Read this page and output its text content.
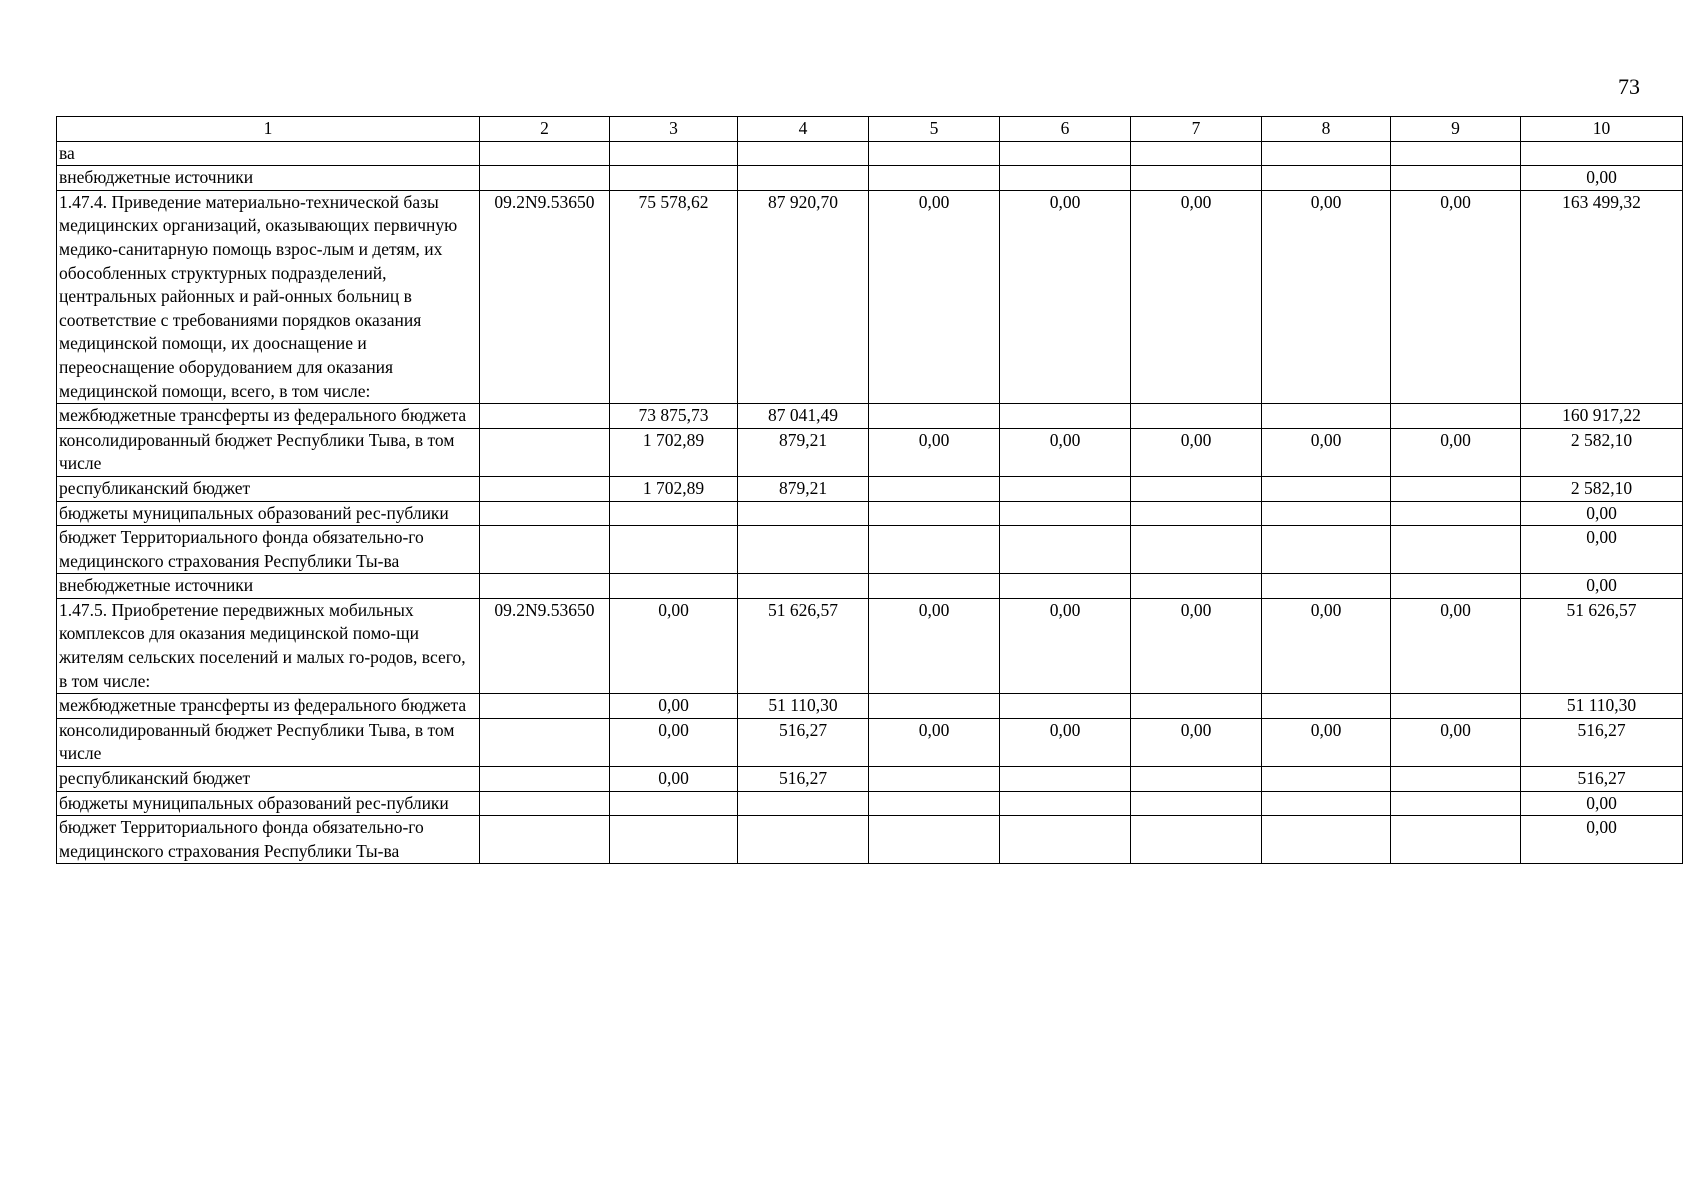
73
1	2	3	4	5	6	7	8	9	10
ва									
внебюджетные источники									0,00
1.47.4. Приведение материально-технической базы медицинских организаций, оказывающих первичную медико-санитарную помощь взрос-лым и детям, их обособленных структурных подразделений, центральных районных и рай-онных больниц в соответствие с требованиями порядков оказания медицинской помощи, их дооснащение и переоснащение оборудованием для оказания медицинской помощи, всего, в том числе:	09.2N9.53650	75 578,62	87 920,70	0,00	0,00	0,00	0,00	0,00	163 499,32
межбюджетные трансферты из федерального бюджета		73 875,73	87 041,49						160 917,22
консолидированный бюджет Республики Тыва, в том числе		1 702,89	879,21	0,00	0,00	0,00	0,00	0,00	2 582,10
республиканский бюджет		1 702,89	879,21						2 582,10
бюджеты муниципальных образований рес-публики									0,00
бюджет Территориального фонда обязательно-го медицинского страхования Республики Ты-ва									0,00
внебюджетные источники									0,00
1.47.5. Приобретение передвижных мобильных комплексов для оказания медицинской помо-щи жителям сельских поселений и малых го-родов, всего, в том числе:	09.2N9.53650	0,00	51 626,57	0,00	0,00	0,00	0,00	0,00	51 626,57
межбюджетные трансферты из федерального бюджета		0,00	51 110,30						51 110,30
консолидированный бюджет Республики Тыва, в том числе		0,00	516,27	0,00	0,00	0,00	0,00	0,00	516,27
республиканский бюджет		0,00	516,27						516,27
бюджеты муниципальных образований рес-публики									0,00
бюджет Территориального фонда обязательно-го медицинского страхования Республики Ты-ва									0,00
